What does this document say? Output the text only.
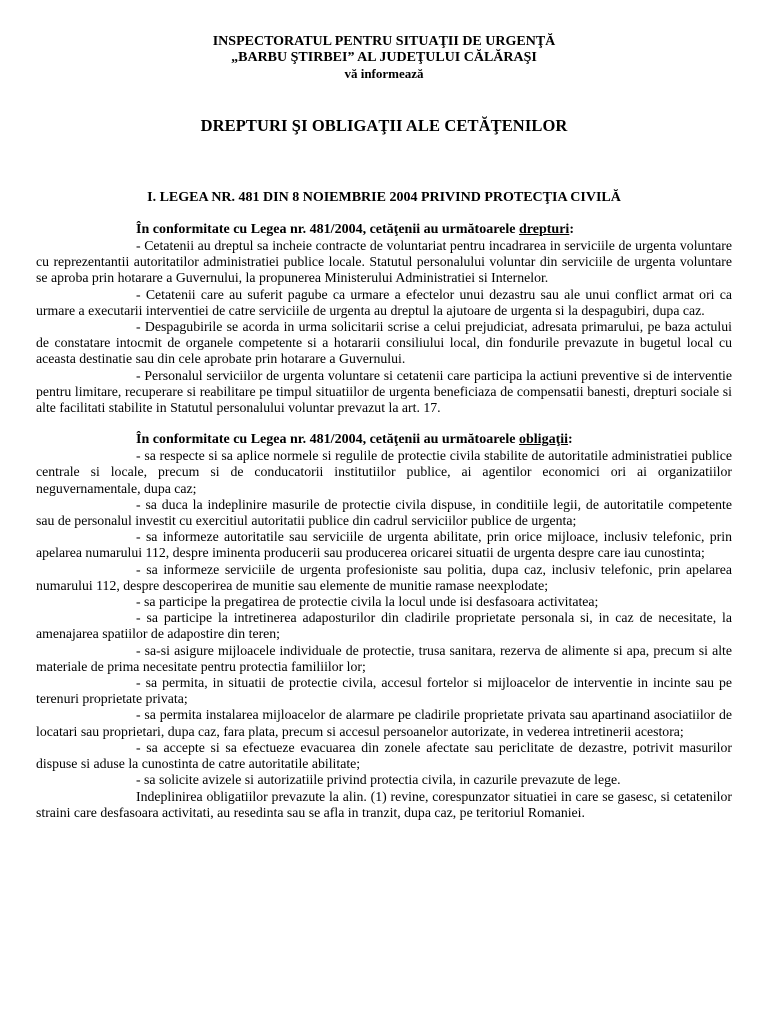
INSPECTORATUL PENTRU SITUAŢII DE URGENŢĂ
„BARBU ŞTIRBEI” AL JUDEŢULUI CĂLĂRAŞI
vă informează
DREPTURI ŞI OBLIGAŢII ALE CETĂŢENILOR
I. LEGEA NR. 481 DIN 8 NOIEMBRIE 2004 PRIVIND PROTECŢIA CIVILĂ
În conformitate cu Legea nr. 481/2004, cetăţenii au următoarele drepturi:

- Cetatenii au dreptul sa incheie contracte de voluntariat pentru incadrarea in serviciile de urgenta voluntare cu reprezentantii autoritatilor administratiei publice locale. Statutul personalului voluntar din serviciile de urgenta voluntare se aproba prin hotarare a Guvernului, la propunerea Ministerului Administratiei si Internelor.

- Cetatenii care au suferit pagube ca urmare a efectelor unui dezastru sau ale unui conflict armat ori ca urmare a executarii interventiei de catre serviciile de urgenta au dreptul la ajutoare de urgenta si la despagubiri, dupa caz.

- Despagubirile se acorda in urma solicitarii scrise a celui prejudiciat, adresata primarului, pe baza actului de constatare intocmit de organele competente si a hotararii consiliului local, din fondurile prevazute in bugetul local cu aceasta destinatie sau din cele aprobate prin hotarare a Guvernului.

- Personalul serviciilor de urgenta voluntare si cetatenii care participa la actiuni preventive si de interventie pentru limitare, recuperare si reabilitare pe timpul situatiilor de urgenta beneficiaza de compensatii banesti, drepturi sociale si alte facilitati stabilite in Statutul personalului voluntar prevazut la art. 17.

În conformitate cu Legea nr. 481/2004, cetăţenii au următoarele obligaţii:

- sa respecte si sa aplice normele si regulile de protectie civila stabilite de autoritatile administratiei publice centrale si locale, precum si de conducatorii institutiilor publice, ai agentilor economici ori ai organizatiilor neguvernamentale, dupa caz;

- sa duca la indeplinire masurile de protectie civila dispuse, in conditiile legii, de autoritatile competente sau de personalul investit cu exercitiul autoritatii publice din cadrul serviciilor publice de urgenta;

- sa informeze autoritatile sau serviciile de urgenta abilitate, prin orice mijloace, inclusiv telefonic, prin apelarea numarului 112, despre iminenta producerii sau producerea oricarei situatii de urgenta despre care iau cunostinta;

- sa informeze serviciile de urgenta profesioniste sau politia, dupa caz, inclusiv telefonic, prin apelarea numarului 112, despre descoperirea de munitie sau elemente de munitie ramase neexplodate;

- sa participe la pregatirea de protectie civila la locul unde isi desfasoara activitatea;

- sa participe la intretinerea adaposturilor din cladirile proprietate personala si, in caz de necesitate, la amenajarea spatiilor de adapostire din teren;

- sa-si asigure mijloacele individuale de protectie, trusa sanitara, rezerva de alimente si apa, precum si alte materiale de prima necesitate pentru protectia familiilor lor;

- sa permita, in situatii de protectie civila, accesul fortelor si mijloacelor de interventie in incinte sau pe terenuri proprietate privata;

- sa permita instalarea mijloacelor de alarmare pe cladirile proprietate privata sau apartinand asociatiilor de locatari sau proprietari, dupa caz, fara plata, precum si accesul persoanelor autorizate, in vederea intretinerii acestora;

- sa accepte si sa efectueze evacuarea din zonele afectate sau periclitate de dezastre, potrivit masurilor dispuse si aduse la cunostinta de catre autoritatile abilitate;

- sa solicite avizele si autorizatiile privind protectia civila, in cazurile prevazute de lege.

Indeplinirea obligatiilor prevazute la alin. (1) revine, corespunzator situatiei in care se gasesc, si cetatenilor straini care desfasoara activitati, au resedinta sau se afla in tranzit, dupa caz, pe teritoriul Romaniei.
